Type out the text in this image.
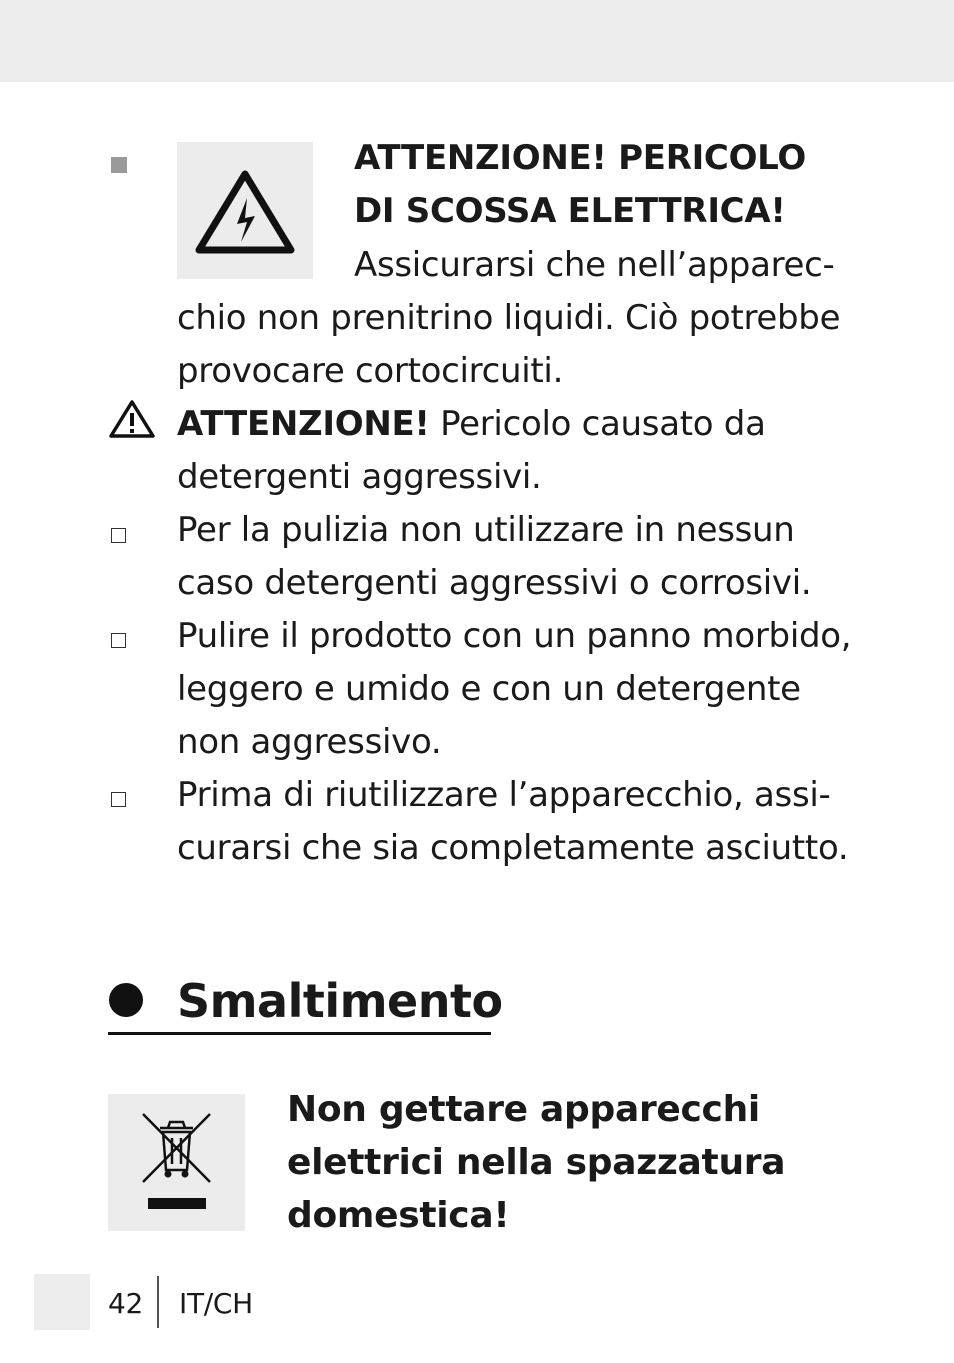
ATTENZIONE! PERICOLO
DI SCOSSA ELETTRICA!
Assicurarsi che nell’apparec-
chio non prenitrino liquidi. Ciò potrebbe
provocare cortocircuiti.
ATTENZIONE! Pericolo causato da
detergenti aggressivi.
Per la pulizia non utilizzare in nessun
caso detergenti aggressivi o corrosivi.
Pulire il prodotto con un panno morbido,
leggero e umido e con un detergente
non aggressivo.
Prima di riutilizzare l’apparecchio, assi-
curarsi che sia completamente asciutto.
Smaltimento
Non gettare apparecchi
elettrici nella spazzatura
domestica!
42 IT/CH
